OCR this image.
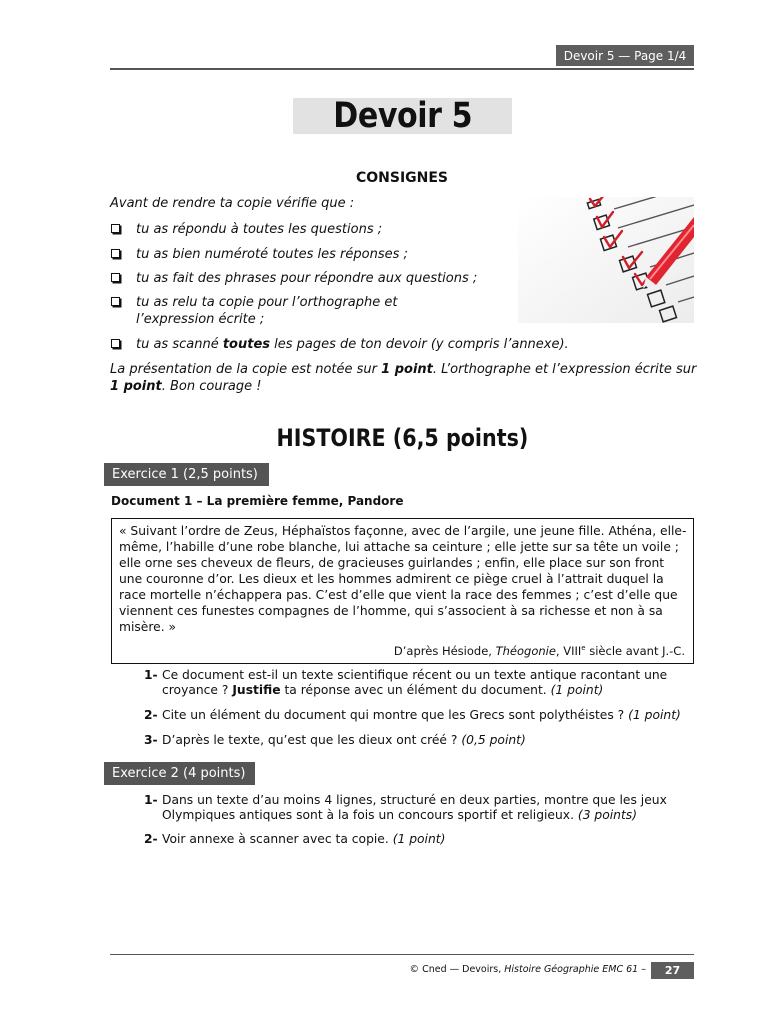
Devoir 5 — Page 1/4
Devoir 5
CONSIGNES
Avant de rendre ta copie vérifie que :
tu as répondu à toutes les questions ;
tu as bien numéroté toutes les réponses ;
tu as fait des phrases pour répondre aux questions ;
tu as relu ta copie pour l’orthographe et l’expression écrite ;
tu as scanné toutes les pages de ton devoir (y compris l’annexe).
La présentation de la copie est notée sur 1 point. L’orthographe et l’expression écrite sur 1 point. Bon courage !
HISTOIRE (6,5 points)
Exercice 1 (2,5 points)
Document 1 – La première femme, Pandore
« Suivant l’ordre de Zeus, Héphaïstos façonne, avec de l’argile, une jeune fille. Athéna, elle-même, l’habille d’une robe blanche, lui attache sa ceinture ; elle jette sur sa tête un voile ; elle orne ses cheveux de fleurs, de gracieuses guirlandes ; enfin, elle place sur son front une couronne d’or. Les dieux et les hommes admirent ce piège cruel à l’attrait duquel la race mortelle n’échappera pas. C’est d’elle que vient la race des femmes ; c’est d’elle que viennent ces funestes compagnes de l’homme, qui s’associent à sa richesse et non à sa misère. »
D’après Hésiode, Théogonie, VIIIe siècle avant J.-C.
1- Ce document est-il un texte scientifique récent ou un texte antique racontant une croyance ? Justifie ta réponse avec un élément du document. (1 point)
2- Cite un élément du document qui montre que les Grecs sont polythéistes ? (1 point)
3- D’après le texte, qu’est que les dieux ont créé ? (0,5 point)
Exercice 2 (4 points)
1- Dans un texte d’au moins 4 lignes, structuré en deux parties, montre que les jeux Olympiques antiques sont à la fois un concours sportif et religieux. (3 points)
2- Voir annexe à scanner avec ta copie. (1 point)
© Cned — Devoirs, Histoire Géographie EMC 61 –	27
